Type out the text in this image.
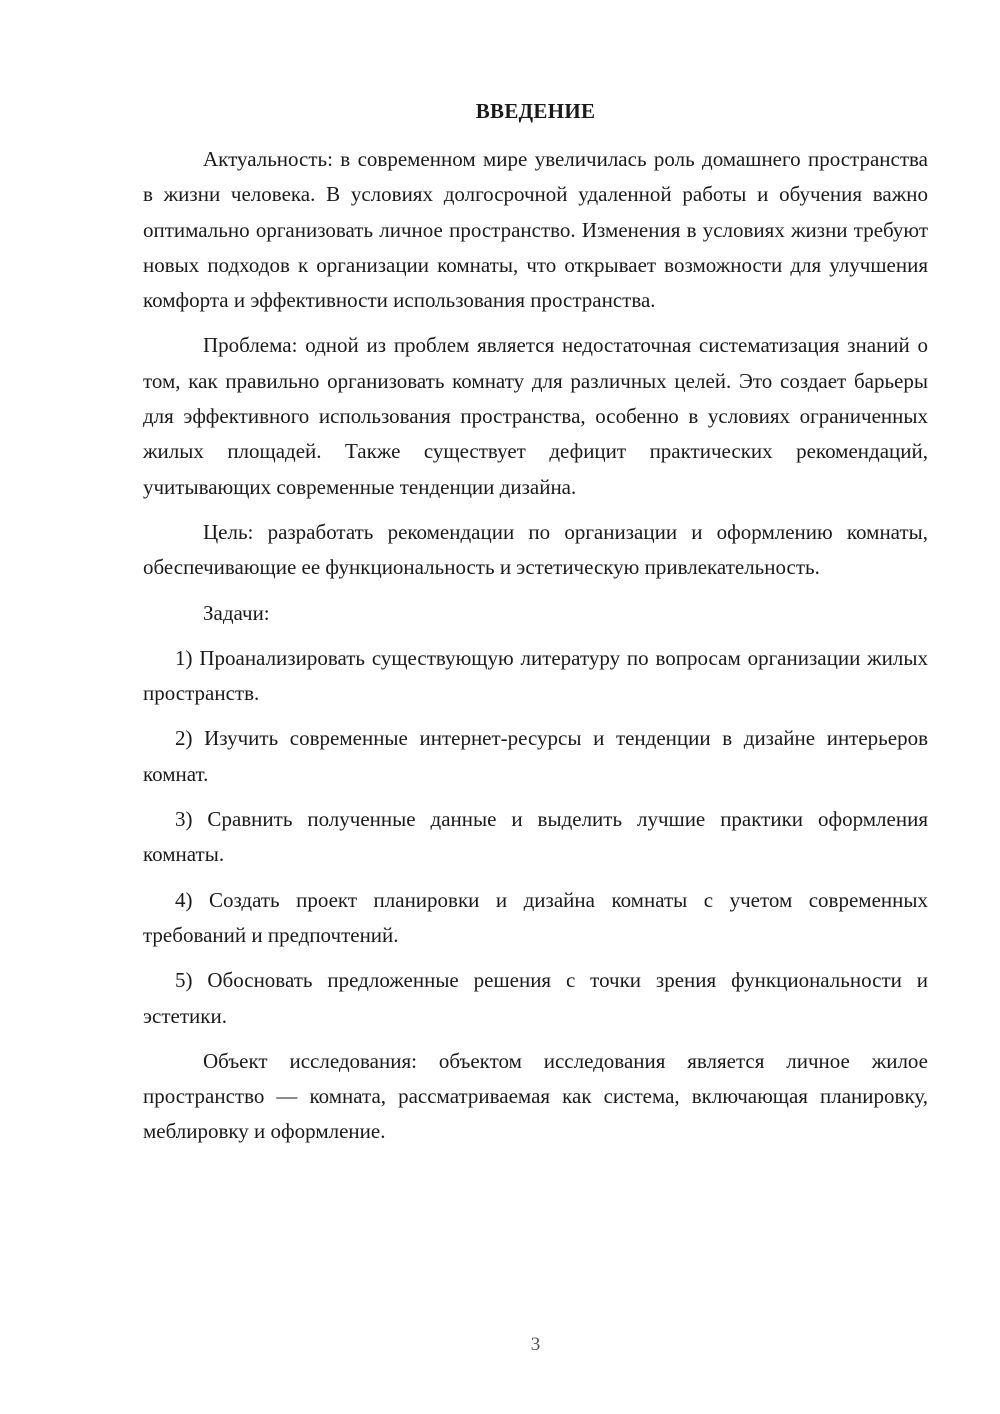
ВВЕДЕНИЕ

Актуальность: в современном мире увеличилась роль домашнего пространства в жизни человека. В условиях долгосрочной удаленной работы и обучения важно оптимально организовать личное пространство. Изменения в условиях жизни требуют новых подходов к организации комнаты, что открывает возможности для улучшения комфорта и эффективности использования пространства.

Проблема: одной из проблем является недостаточная систематизация знаний о том, как правильно организовать комнату для различных целей. Это создает барьеры для эффективного использования пространства, особенно в условиях ограниченных жилых площадей. Также существует дефицит практических рекомендаций, учитывающих современные тенденции дизайна.

Цель: разработать рекомендации по организации и оформлению комнаты, обеспечивающие ее функциональность и эстетическую привлекательность.

Задачи:

1) Проанализировать существующую литературу по вопросам организации жилых пространств.

2) Изучить современные интернет-ресурсы и тенденции в дизайне интерьеров комнат.

3) Сравнить полученные данные и выделить лучшие практики оформления комнаты.

4) Создать проект планировки и дизайна комнаты с учетом современных требований и предпочтений.

5) Обосновать предложенные решения с точки зрения функциональности и эстетики.

Объект исследования: объектом исследования является личное жилое пространство — комната, рассматриваемая как система, включающая планировку, меблировку и оформление.

3
